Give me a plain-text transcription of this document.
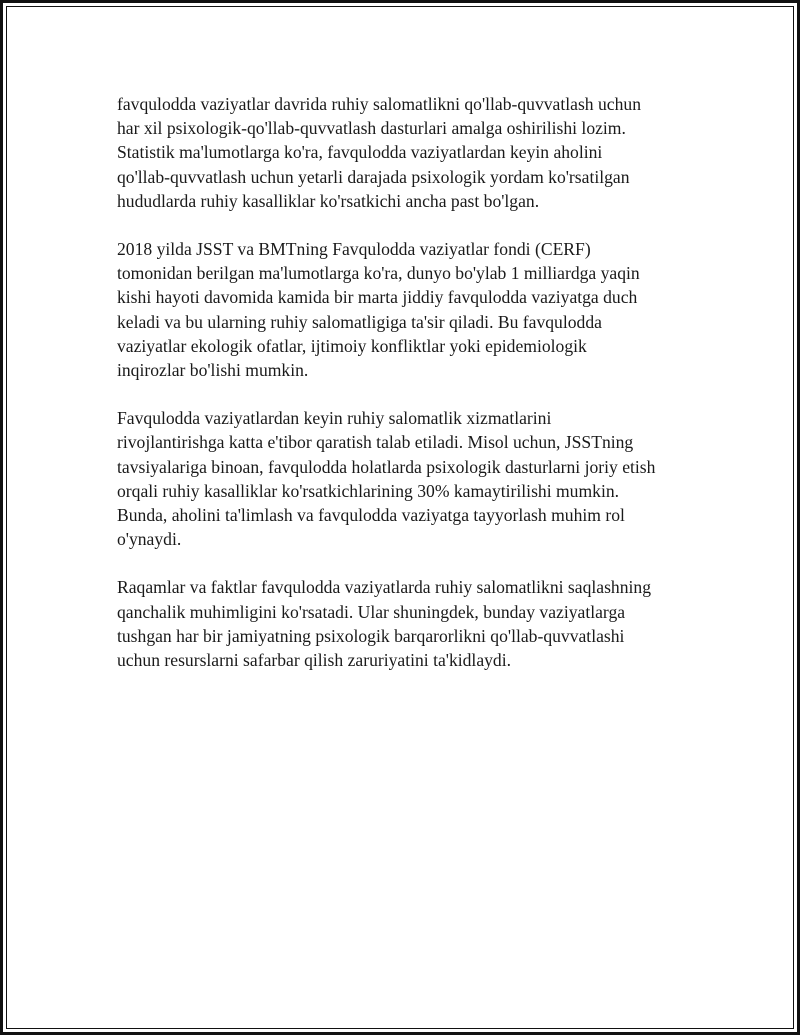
favqulodda vaziyatlar davrida ruhiy salomatlikni qo'llab-quvvatlash uchun
har xil psixologik-qo'llab-quvvatlash dasturlari amalga oshirilishi lozim.
Statistik ma'lumotlarga ko'ra, favqulodda vaziyatlardan keyin aholini
qo'llab-quvvatlash uchun yetarli darajada psixologik yordam ko'rsatilgan
hududlarda ruhiy kasalliklar ko'rsatkichi ancha past bo'lgan.

2018 yilda JSST va BMTning Favqulodda vaziyatlar fondi (CERF)
tomonidan berilgan ma'lumotlarga ko'ra, dunyo bo'ylab 1 milliardga yaqin
kishi hayoti davomida kamida bir marta jiddiy favqulodda vaziyatga duch
keladi va bu ularning ruhiy salomatligiga ta'sir qiladi. Bu favqulodda
vaziyatlar ekologik ofatlar, ijtimoiy konfliktlar yoki epidemiologik
inqirozlar bo'lishi mumkin.

Favqulodda vaziyatlardan keyin ruhiy salomatlik xizmatlarini
rivojlantirishga katta e'tibor qaratish talab etiladi. Misol uchun, JSSTning
tavsiyalariga binoan, favqulodda holatlarda psixologik dasturlarni joriy etish
orqali ruhiy kasalliklar ko'rsatkichlarining 30% kamaytirilishi mumkin.
Bunda, aholini ta'limlash va favqulodda vaziyatga tayyorlash muhim rol
o'ynaydi.

Raqamlar va faktlar favqulodda vaziyatlarda ruhiy salomatlikni saqlashning
qanchalik muhimligini ko'rsatadi. Ular shuningdek, bunday vaziyatlarga
tushgan har bir jamiyatning psixologik barqarorlikni qo'llab-quvvatlashi
uchun resurslarni safarbar qilish zaruriyatini ta'kidlaydi.
